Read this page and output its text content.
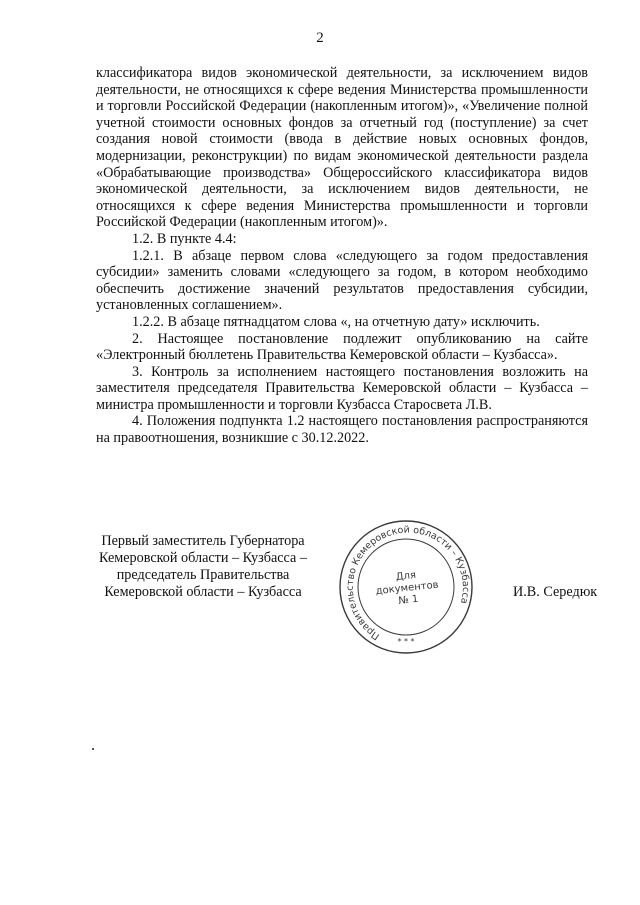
2

классификатора видов экономической деятельности, за исключением видов деятельности, не относящихся к сфере ведения Министерства промышленности и торговли Российской Федерации (накопленным итогом)», «Увеличение полной учетной стоимости основных фондов за отчетный год (поступление) за счет создания новой стоимости (ввода в действие новых основных фондов, модернизации, реконструкции) по видам экономической деятельности раздела «Обрабатывающие производства» Общероссийского классификатора видов экономической деятельности, за исключением видов деятельности, не относящихся к сфере ведения Министерства промышленности и торговли Российской Федерации (накопленным итогом)».

1.2. В пункте 4.4:

1.2.1. В абзаце первом слова «следующего за годом предоставления субсидии» заменить словами «следующего за годом, в котором необходимо обеспечить достижение значений результатов предоставления субсидии, установленных соглашением».

1.2.2. В абзаце пятнадцатом слова «, на отчетную дату» исключить.

2. Настоящее постановление подлежит опубликованию на сайте «Электронный бюллетень Правительства Кемеровской области – Кузбасса».

3. Контроль за исполнением настоящего постановления возложить на заместителя председателя Правительства Кемеровской области – Кузбасса – министра промышленности и торговли Кузбасса Старосвета Л.В.

4. Положения подпункта 1.2 настоящего постановления распространяются на правоотношения, возникшие с 30.12.2022.

Первый заместитель Губернатора
Кемеровской области – Кузбасса –
председатель Правительства
Кемеровской области – Кузбасса
Правительство Кемеровской области – Кузбасса
* * *
Для
документов
№ 1
И.В. Середюк
